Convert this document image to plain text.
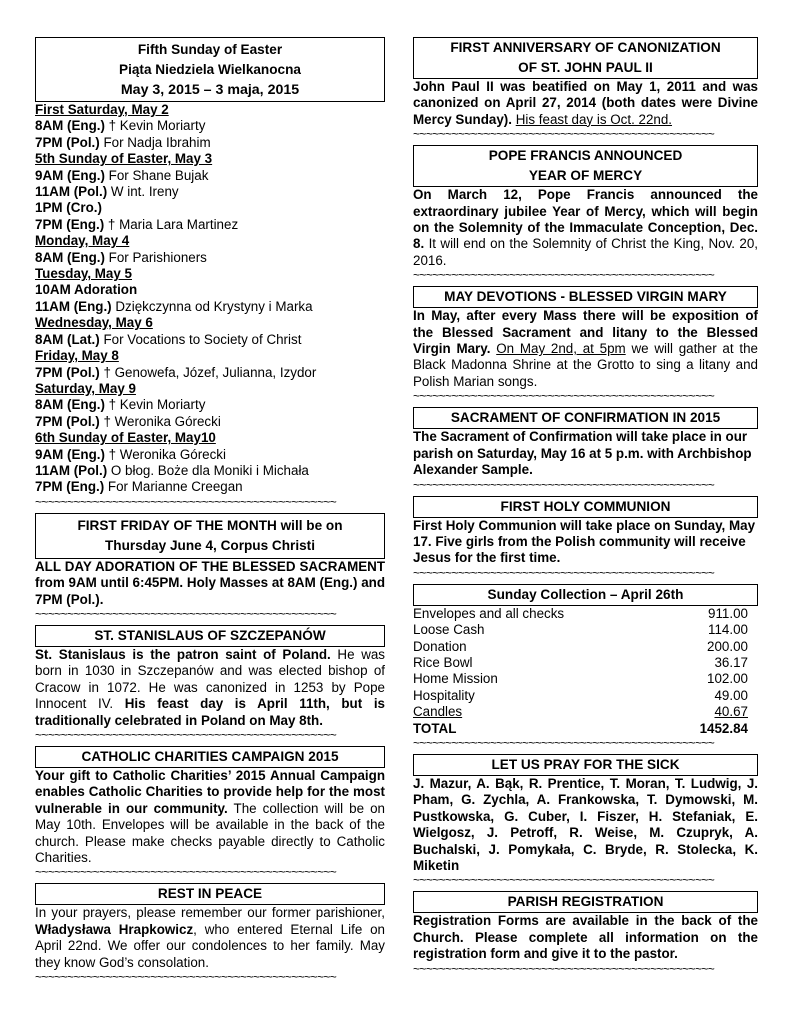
Fifth Sunday of Easter
Piąta Niedziela Wielkanocna
May 3, 2015 – 3 maja, 2015
First Saturday, May 2
8AM (Eng.) † Kevin Moriarty
7PM (Pol.) For Nadja Ibrahim
5th Sunday of Easter, May 3
9AM (Eng.) For Shane Bujak
11AM (Pol.) W int. Ireny
1PM (Cro.)
7PM (Eng.) † Maria Lara Martinez
Monday, May 4
8AM (Eng.) For Parishioners
Tuesday, May 5
10AM Adoration
11AM (Eng.) Dziękczynna od Krystyny i Marka
Wednesday, May 6
8AM (Lat.) For Vocations to Society of Christ
Friday, May 8
7PM (Pol.) † Genowefa, Józef, Julianna, Izydor
Saturday, May 9
8AM (Eng.) † Kevin Moriarty
7PM (Pol.) † Weronika Górecki
6th Sunday of Easter, May10
9AM (Eng.) † Weronika Górecki
11AM (Pol.) O błog. Boże dla Moniki i Michała
7PM (Eng.) For Marianne Creegan
~~~~~~~~~~~~~~~~~~~~~~~~~~~~~~~~~~~~~~~~~~~~~~~
FIRST FRIDAY OF THE MONTH will be on
Thursday June 4, Corpus Christi

ALL DAY ADORATION OF THE BLESSED SACRAMENT from 9AM until 6:45PM. Holy Masses at 8AM (Eng.) and 7PM (Pol.).

~~~~~~~~~~~~~~~~~~~~~~~~~~~~~~~~~~~~~~~~~~~~~~~
ST. STANISLAUS OF SZCZEPANÓW

St. Stanislaus is the patron saint of Poland. He was born in 1030 in Szczepanów and was elected bishop of Cracow in 1072. He was canonized in 1253 by Pope Innocent IV. His feast day is April 11th, but is traditionally celebrated in Poland on May 8th.

~~~~~~~~~~~~~~~~~~~~~~~~~~~~~~~~~~~~~~~~~~~~~~~
CATHOLIC CHARITIES CAMPAIGN 2015

Your gift to Catholic Charities’ 2015 Annual Campaign enables Catholic Charities to provide help for the most vulnerable in our community. The collection will be on May 10th. Envelopes will be available in the back of the church. Please make checks payable directly to Catholic Charities.

~~~~~~~~~~~~~~~~~~~~~~~~~~~~~~~~~~~~~~~~~~~~~~~
REST IN PEACE

In your prayers, please remember our former parishioner, Władysława Hrapkowicz, who entered Eternal Life on April 22nd. We offer our condolences to her family. May they know God’s consolation.

~~~~~~~~~~~~~~~~~~~~~~~~~~~~~~~~~~~~~~~~~~~~~~~
FIRST ANNIVERSARY OF CANONIZATION
OF ST. JOHN PAUL II

John Paul II was beatified on May 1, 2011 and was canonized on April 27, 2014 (both dates were Divine Mercy Sunday). His feast day is Oct. 22nd.

~~~~~~~~~~~~~~~~~~~~~~~~~~~~~~~~~~~~~~~~~~~~~~~
POPE FRANCIS ANNOUNCED
YEAR OF MERCY

On March 12, Pope Francis announced the extraordinary jubilee Year of Mercy, which will begin on the Solemnity of the Immaculate Conception, Dec. 8. It will end on the Solemnity of Christ the King, Nov. 20, 2016.

~~~~~~~~~~~~~~~~~~~~~~~~~~~~~~~~~~~~~~~~~~~~~~~
MAY DEVOTIONS - BLESSED VIRGIN MARY

In May, after every Mass there will be exposition of the Blessed Sacrament and litany to the Blessed Virgin Mary. On May 2nd, at 5pm we will gather at the Black Madonna Shrine at the Grotto to sing a litany and Polish Marian songs.

~~~~~~~~~~~~~~~~~~~~~~~~~~~~~~~~~~~~~~~~~~~~~~~
SACRAMENT OF CONFIRMATION IN 2015

The Sacrament of Confirmation will take place in our parish on Saturday, May 16 at 5 p.m. with Archbishop Alexander Sample.

~~~~~~~~~~~~~~~~~~~~~~~~~~~~~~~~~~~~~~~~~~~~~~~
FIRST HOLY COMMUNION

First Holy Communion will take place on Sunday, May 17. Five girls from the Polish community will receive Jesus for the first time.

~~~~~~~~~~~~~~~~~~~~~~~~~~~~~~~~~~~~~~~~~~~~~~~
Sunday Collection – April 26th
Envelopes and all checks	911.00
Loose Cash	114.00
Donation	200.00
Rice Bowl	36.17
Home Mission	102.00
Hospitality	49.00
Candles	40.67
TOTAL	1452.84
~~~~~~~~~~~~~~~~~~~~~~~~~~~~~~~~~~~~~~~~~~~~~~~
LET US PRAY FOR THE SICK

J. Mazur, A. Bąk, R. Prentice, T. Moran, T. Ludwig, J. Pham, G. Zychla, A. Frankowska, T. Dymowski, M. Pustkowska, G. Cuber, I. Fiszer, H. Stefaniak, E. Wielgosz, J. Petroff, R. Weise, M. Czupryk, A. Buchalski, J. Pomykała, C. Bryde, R. Stolecka, K. Miketin

~~~~~~~~~~~~~~~~~~~~~~~~~~~~~~~~~~~~~~~~~~~~~~~
PARISH REGISTRATION

Registration Forms are available in the back of the Church. Please complete all information on the registration form and give it to the pastor.

~~~~~~~~~~~~~~~~~~~~~~~~~~~~~~~~~~~~~~~~~~~~~~~
